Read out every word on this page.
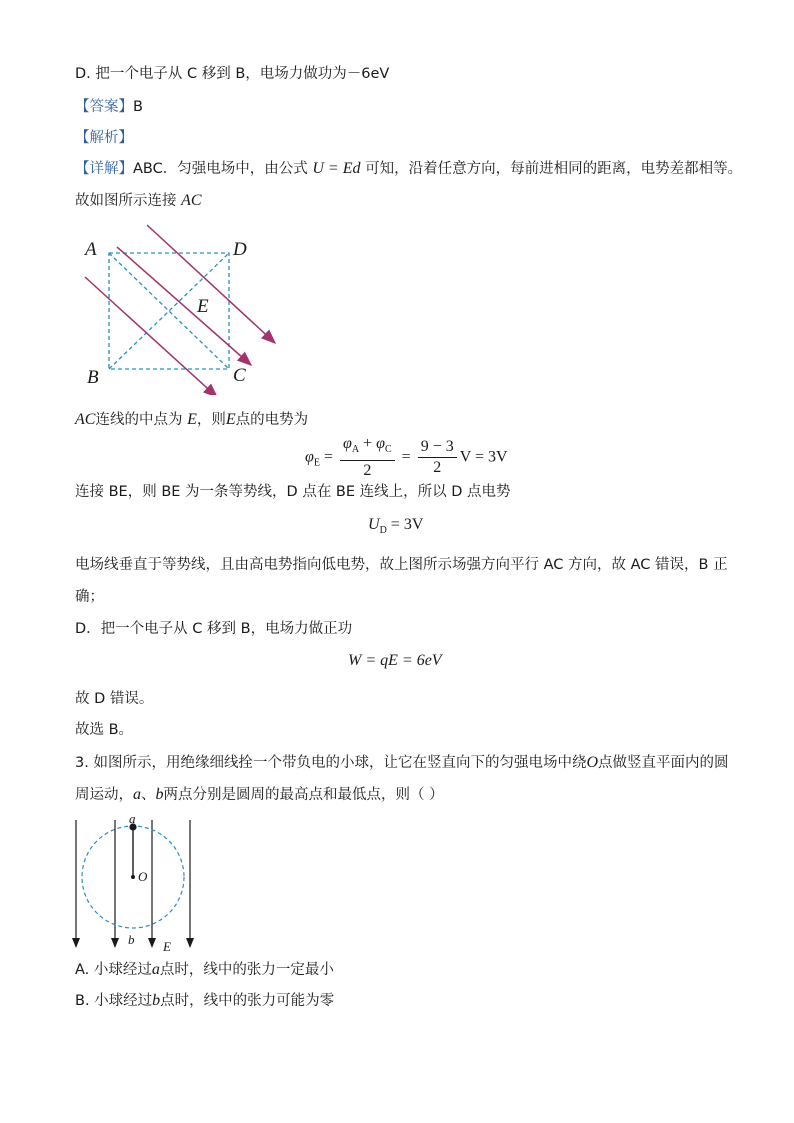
D. 把一个电子从 C 移到 B，电场力做功为－6eV
【答案】B
【解析】
【详解】ABC．匀强电场中，由公式 U = Ed 可知，沿着任意方向，每前进相同的距离，电势差都相等。
故如图所示连接 AC
A	D
E
B	C
AC连线的中点为 E，则E点的电势为
$\varphi_E = \frac{\varphi_A + \varphi_C}{2} = \frac{9 - 3}{2}$ V = 3V
连接 BE，则 BE 为一条等势线，D 点在 BE 连线上，所以 D 点电势
$U_D = 3V$
电场线垂直于等势线，且由高电势指向低电势，故上图所示场强方向平行 AC 方向，故 AC 错误，B 正
确；
D．把一个电子从 C 移到 B，电场力做正功
W = qE = 6eV
故 D 错误。
故选 B。
3. 如图所示，用绝缘细线拴一个带负电的小球，让它在竖直向下的匀强电场中绕O点做竖直平面内的圆
周运动，a、b两点分别是圆周的最高点和最低点，则（ ）
a
O
b E
A. 小球经过a点时，线中的张力一定最小
B. 小球经过b点时，线中的张力可能为零
